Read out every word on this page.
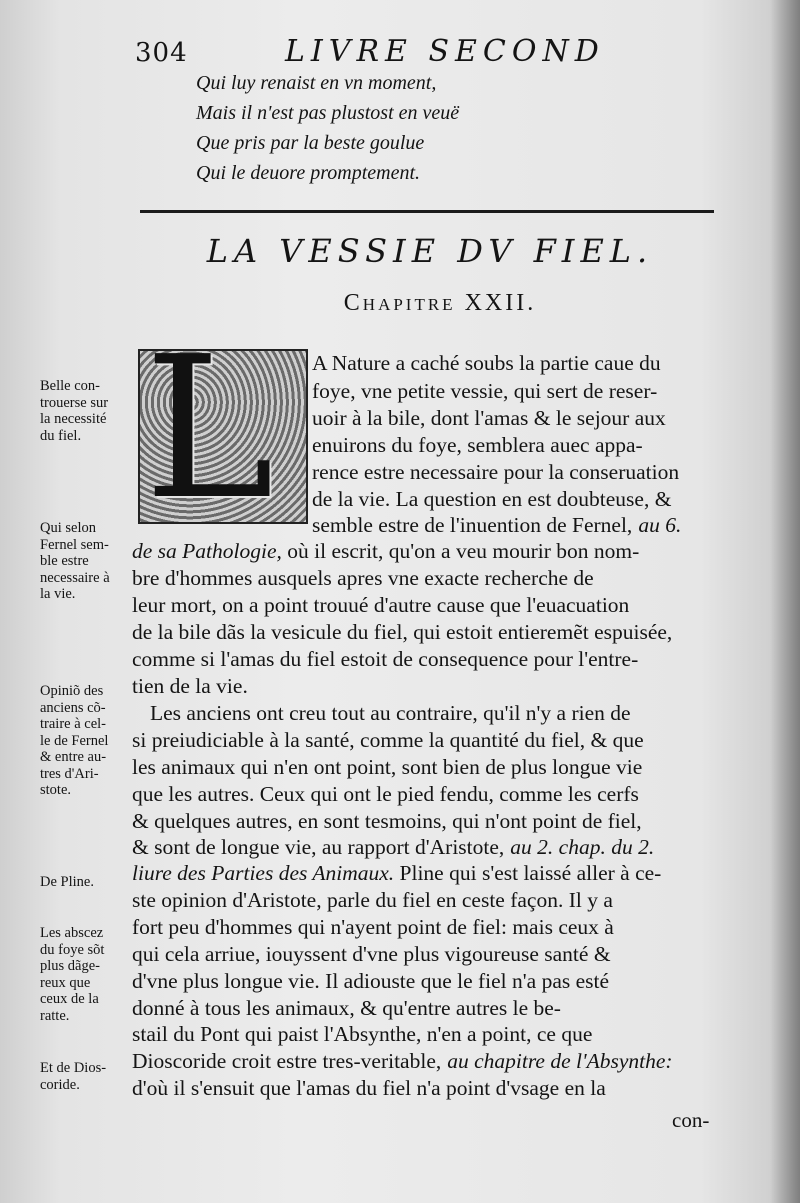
304	LIVRE SECOND
Qui luy renaist en vn moment,
Mais il n'est pas plustost en veuë
Que pris par la beste goulue
Qui le deuore promptement.
LA VESSIE DV FIEL.
Chapitre XXII.
L A Nature a caché soubs la partie caue du
foye, vne petite vessie, qui sert de reser-
uoir à la bile, dont l'amas & le sejour aux
enuirons du foye, semblera auec appa-
rence estre necessaire pour la conseruation
de la vie. La question en est doubteuse, &
semble estre de l'inuention de Fernel, au 6.
de sa Pathologie, où il escrit, qu'on a veu mourir bon nom-
bre d'hommes ausquels apres vne exacte recherche de
leur mort, on a point trouué d'autre cause que l'euacuation
de la bile dãs la vesicule du fiel, qui estoit entieremẽt espuisée,
comme si l'amas du fiel estoit de consequence pour l'entre-
tien de la vie.
Les anciens ont creu tout au contraire, qu'il n'y a rien de
si preiudiciable à la santé, comme la quantité du fiel, & que
les animaux qui n'en ont point, sont bien de plus longue vie
que les autres. Ceux qui ont le pied fendu, comme les cerfs
& quelques autres, en sont tesmoins, qui n'ont point de fiel,
& sont de longue vie, au rapport d'Aristote, au 2. chap. du 2.
liure des Parties des Animaux. Pline qui s'est laissé aller à ce-
ste opinion d'Aristote, parle du fiel en ceste façon. Il y a
fort peu d'hommes qui n'ayent point de fiel: mais ceux à
qui cela arriue, iouyssent d'vne plus vigoureuse santé &
d'vne plus longue vie. Il adiouste que le fiel n'a pas esté
donné à tous les animaux, & qu'entre autres le be-
stail du Pont qui paist l'Absynthe, n'en a point, ce que
Dioscoride croit estre tres-veritable, au chapitre de l'Absynthe:
d'où il s'ensuit que l'amas du fiel n'a point d'vsage en la
Belle con-
trouerse sur
la necessité
du fiel.
Qui selon
Fernel sem-
ble estre
necessaire à
la vie.
Opiniõ des
anciens cõ-
traire à cel-
le de Fernel
& entre au-
tres d'Ari-
stote.
De Pline.
Les abscez
du foye sõt
plus dãge-
reux que
ceux de la
ratte.
Et de Dios-
coride.
con-
